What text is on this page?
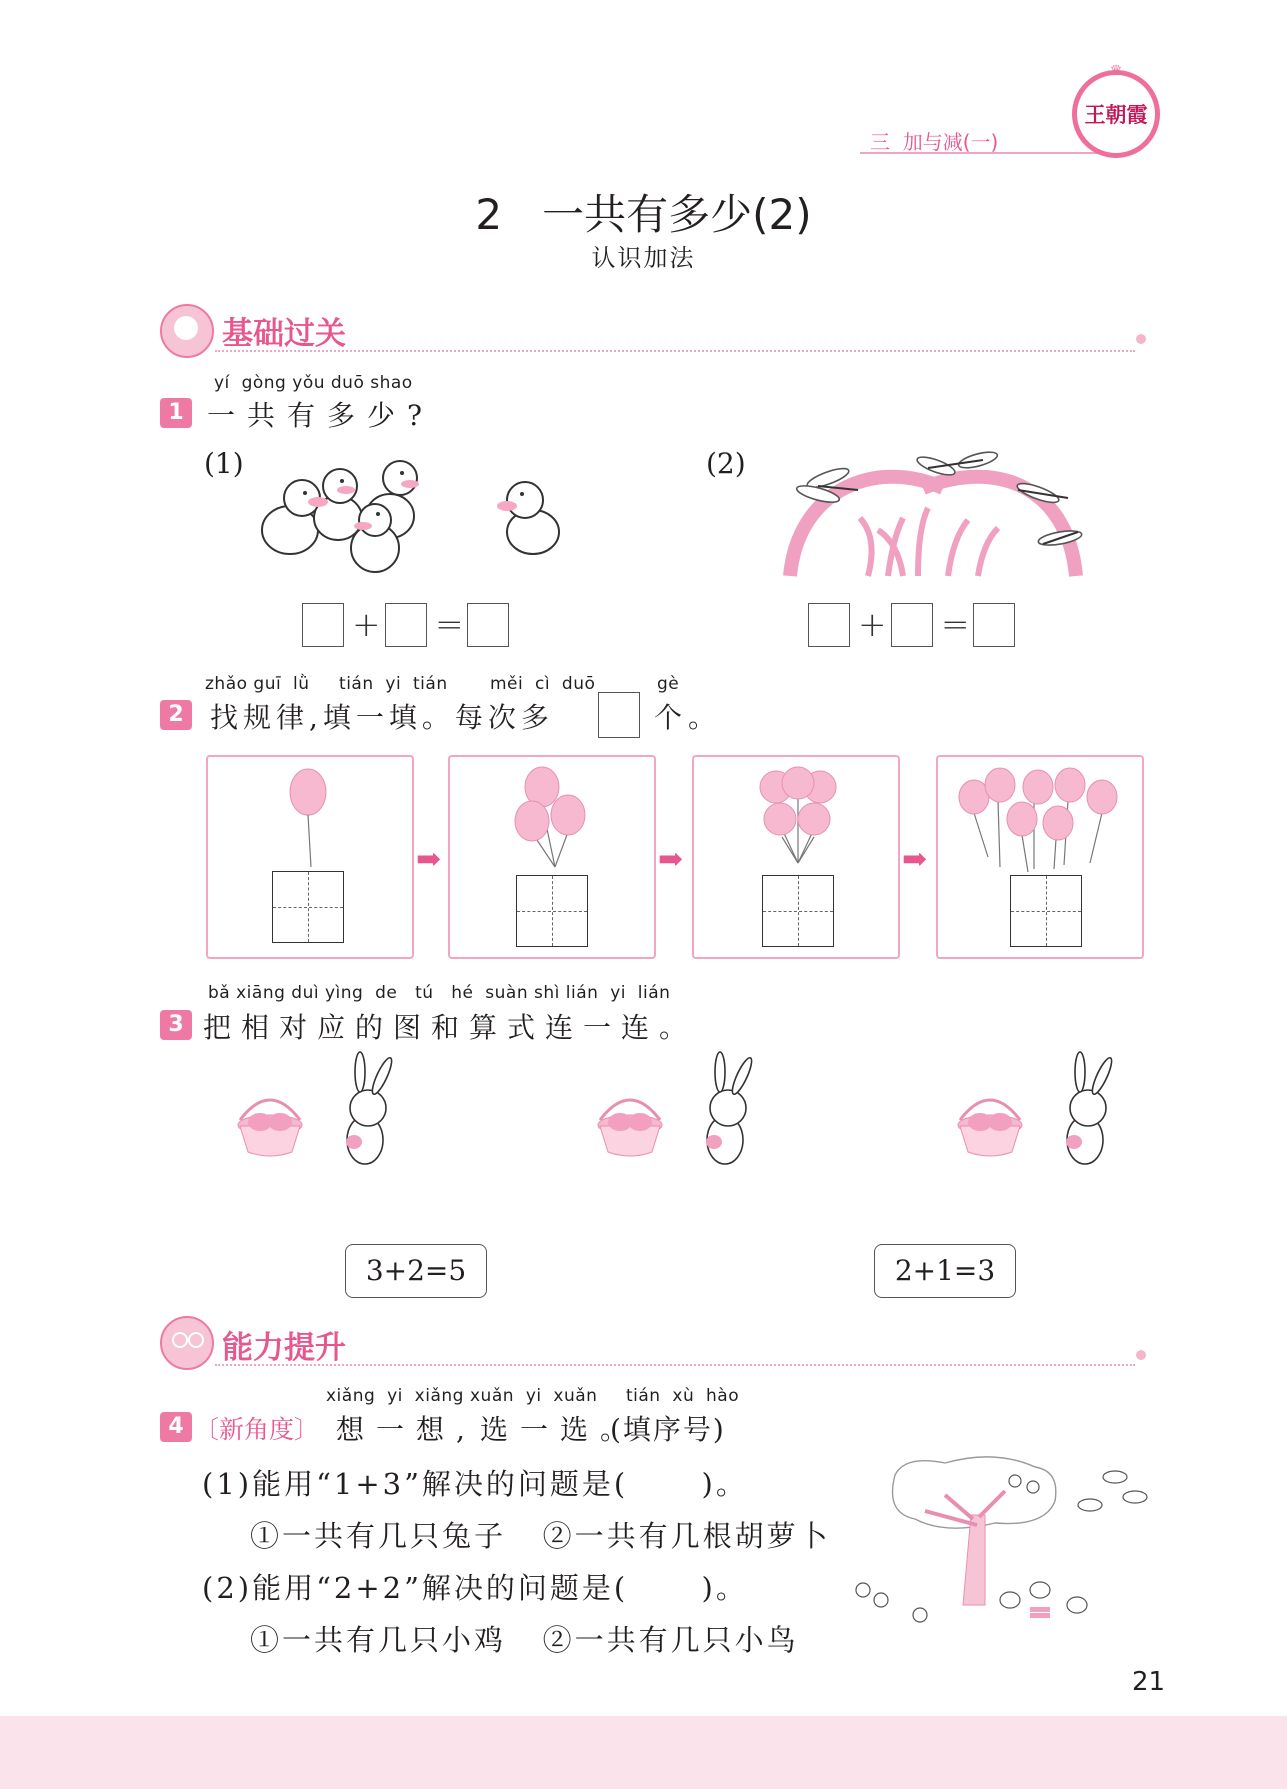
三  加与减(一)
♛
王朝霞
2   一共有多少(2)
认识加法
基础过关
yí  gòng yǒu duō shao
1 一共有多少?
(1)	(2)
+ =	+ =
zhǎo guī  lǜ     tián  yi  tián měi  cì  duō	gè
2 找规律,填一填。每次多	个。
➡	➡	➡
bǎ xiāng duì yìng  de   tú   hé  suàn shì lián  yi  lián
3 把相对应的图和算式连一连。
3+2=5	2+1=3
能力提升
xiǎng  yi  xiǎng xuǎn  yi  xuǎn tián  xù  hào
4 〔新角度〕 想一想, 选一选。
(填序号)
(1)能用“1+3”解决的问题是(      )。
①一共有几只兔子   ②一共有几根胡萝卜
(2)能用“2+2”解决的问题是(      )。
①一共有几只小鸡   ②一共有几只小鸟
21
